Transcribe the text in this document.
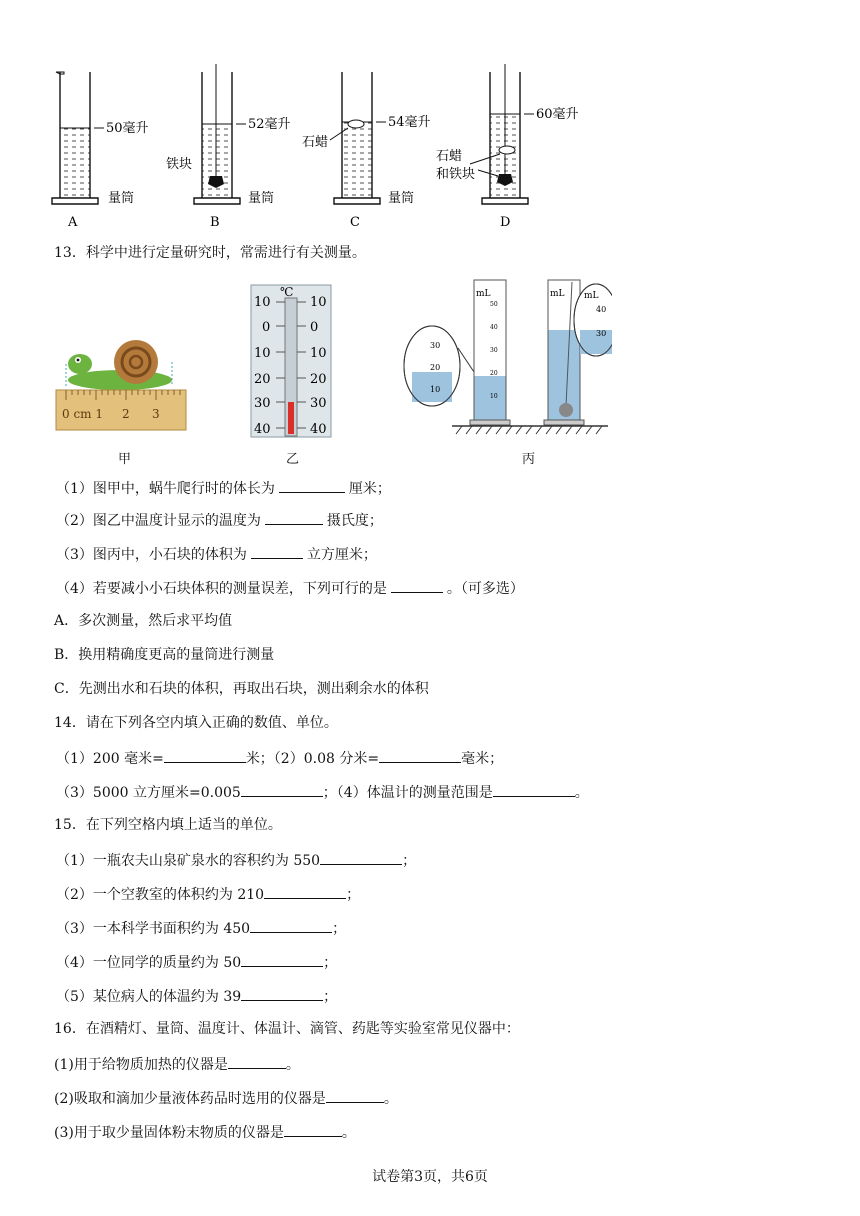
50毫升
量筒
A
52毫升
铁块
量筒
B
54毫升
石蜡
量筒
C
60毫升
石蜡
和铁块
D
13．科学中进行定量研究时，常需进行有关测量。
0 cm 1 2 3
甲
℃
10
0
10
20
30
40
10
0
10
20
30
40
乙
30
20
10
mL
50
40
30
20
10
mL mL
40
30
丙
（1）图甲中，蜗牛爬行时的体长为	厘米；
（2）图乙中温度计显示的温度为	摄氏度；
（3）图丙中，小石块的体积为	立方厘米；
（4）若要减小小石块体积的测量误差，下列可行的是	。（可多选）
A．多次测量，然后求平均值
B．换用精确度更高的量筒进行测量
C．先测出水和石块的体积，再取出石块，测出剩余水的体积
14．请在下列各空内填入正确的数值、单位。
（1）200 毫米=	米；（2）0.08 分米=	毫米；
（3）5000 立方厘米=0.005	；（4）体温计的测量范围是	。
15．在下列空格内填上适当的单位。
（1）一瓶农夫山泉矿泉水的容积约为 550	；
（2）一个空教室的体积约为 210	；
（3）一本科学书面积约为 450	；
（4）一位同学的质量约为 50	；
（5）某位病人的体温约为 39	；
16．在酒精灯、量筒、温度计、体温计、滴管、药匙等实验室常见仪器中：
(1)用于给物质加热的仪器是	。
(2)吸取和滴加少量液体药品时选用的仪器是	。
(3)用于取少量固体粉末物质的仪器是	。
试卷第3页，共6页
